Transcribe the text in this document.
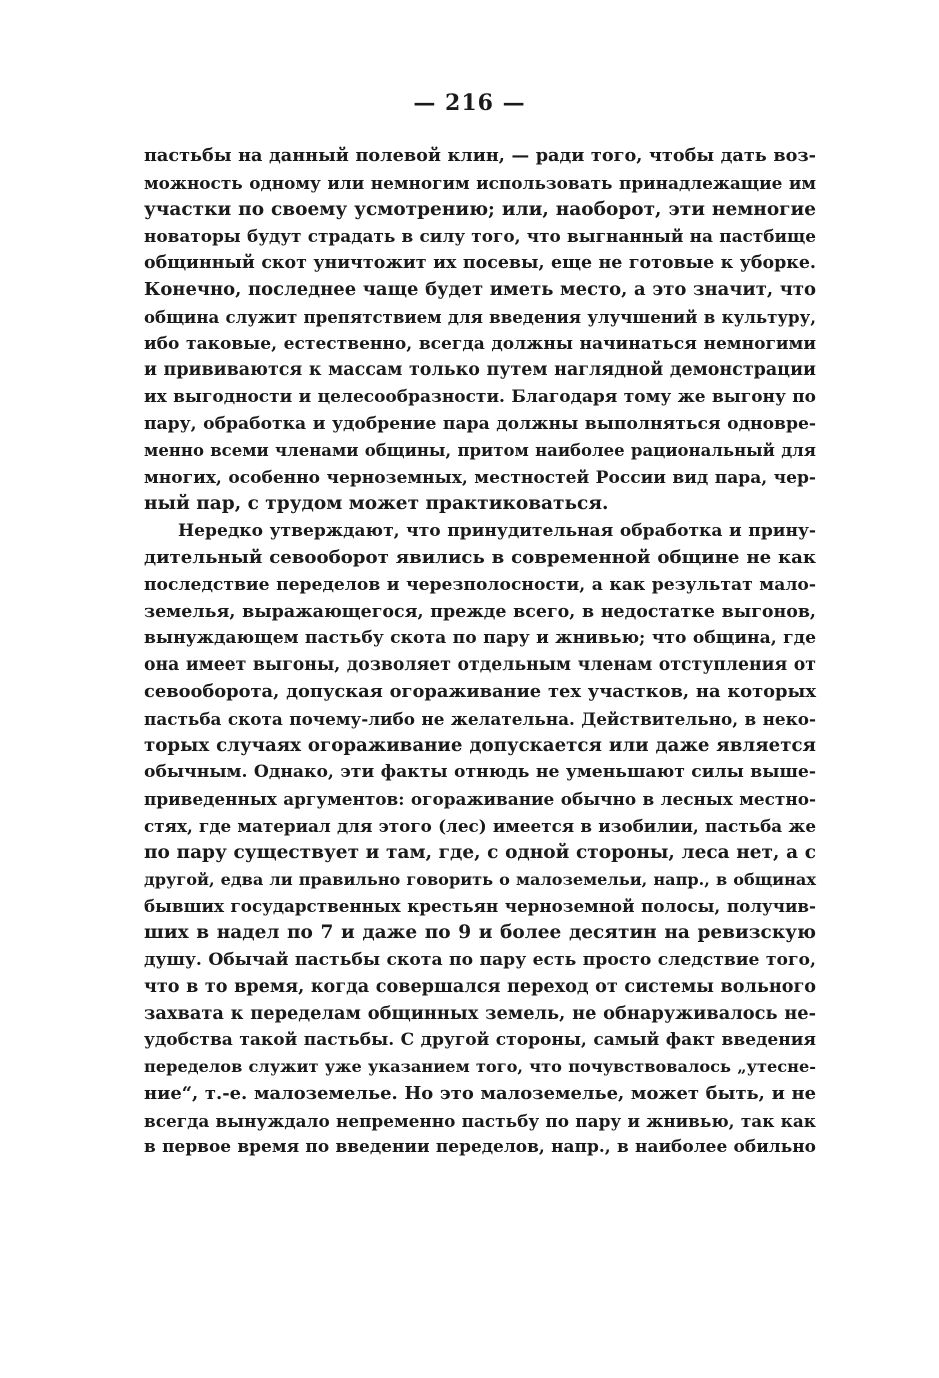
— 216 —
пастьбы на данный полевой клин, — ради того, чтобы дать воз-
можность одному или немногим использовать принадлежащие им
участки по своему усмотрению; или, наоборот, эти немногие
новаторы будут страдать в силу того, что выгнанный на пастбище
общинный скот уничтожит их посевы, еще не готовые к уборке.
Конечно, последнее чаще будет иметь место, а это значит, что
община служит препятствием для введения улучшений в культуру,
ибо таковые, естественно, всегда должны начинаться немногими
и прививаются к массам только путем наглядной демонстрации
их выгодности и целесообразности. Благодаря тому же выгону по
пару, обработка и удобрение пара должны выполняться одновре-
менно всеми членами общины, притом наиболее рациональный для
многих, особенно черноземных, местностей России вид пара, чер-
ный пар, с трудом может практиковаться.
Нередко утверждают, что принудительная обработка и прину-
дительный севооборот явились в современной общине не как
последствие переделов и черезполосности, а как результат мало-
земелья, выражающегося, прежде всего, в недостатке выгонов,
вынуждающем пастьбу скота по пару и жнивью; что община, где
она имеет выгоны, дозволяет отдельным членам отступления от
севооборота, допуская огораживание тех участков, на которых
пастьба скота почему-либо не желательна. Действительно, в неко-
торых случаях огораживание допускается или даже является
обычным. Однако, эти факты отнюдь не уменьшают силы выше-
приведенных аргументов: огораживание обычно в лесных местно-
стях, где материал для этого (лес) имеется в изобилии, пастьба же
по пару существует и там, где, с одной стороны, леса нет, а с
другой, едва ли правильно говорить о малоземельи, напр., в общинах
бывших государственных крестьян черноземной полосы, получив-
ших в надел по 7 и даже по 9 и более десятин на ревизскую
душу. Обычай пастьбы скота по пару есть просто следствие того,
что в то время, когда совершался переход от системы вольного
захвата к переделам общинных земель, не обнаруживалось не-
удобства такой пастьбы. С другой стороны, самый факт введения
переделов служит уже указанием того, что почувствовалось „утесне-
ние“, т.-е. малоземелье. Но это малоземелье, может быть, и не
всегда вынуждало непременно пастьбу по пару и жнивью, так как
в первое время по введении переделов, напр., в наиболее обильно
